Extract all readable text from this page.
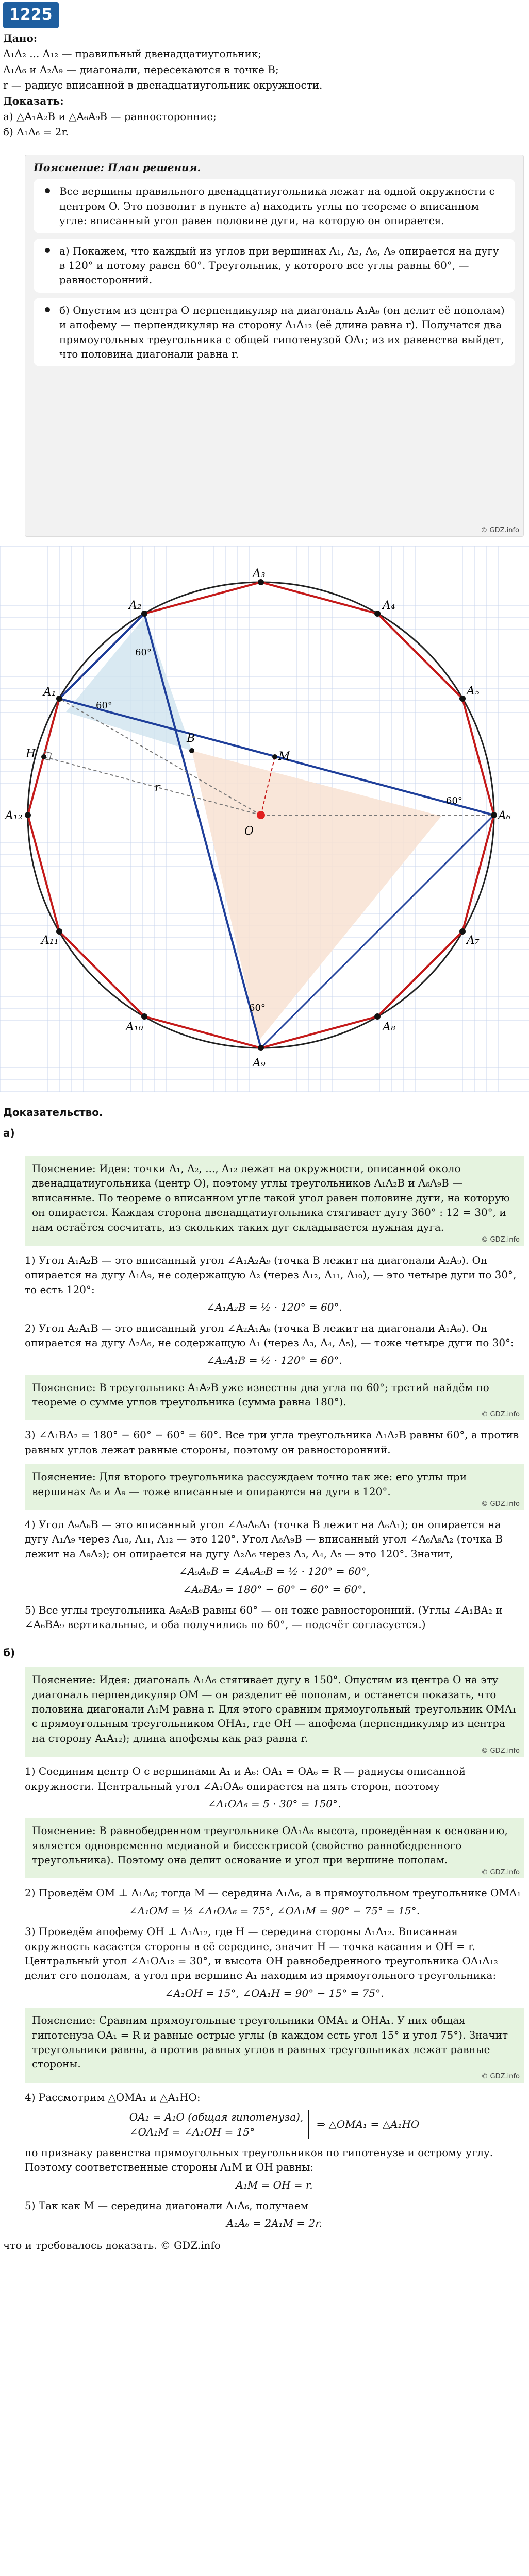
1225

Дано:

A₁A₂ ... A₁₂ — правильный двенадцатиугольник;

A₁A₆ и A₂A₉ — диагонали, пересекаются в точке B;

r — радиус вписанной в двенадцатиугольник окружности.

Доказать:

а) △A₁A₂B и △A₆A₉B — равносторонние;

б) A₁A₆ = 2r.

Пояснение: План решения.
Все вершины правильного двенадцатиугольника лежат на одной окружности с центром O. Это позволит в пункте а) находить углы по теореме о вписанном угле: вписанный угол равен половине дуги, на которую он опирается.
а) Покажем, что каждый из углов при вершинах A₁, A₂, A₆, A₉ опирается на дугу в 120° и потому равен 60°. Треугольник, у которого все углы равны 60°, — равносторонний.
б) Опустим из центра O перпендикуляр на диагональ A₁A₆ (он делит её пополам) и апофему — перпендикуляр на сторону A₁A₁₂ (её длина равна r). Получатся два прямоугольных треугольника с общей гипотенузой OA₁; из их равенства выйдет, что половина диагонали равна r.
© GDZ.info
A₃
A₄
A₅
A₆
A₇
A₈
A₉
A₁₀
A₁₁
A₁₂
A₁
A₂
B
M
O
H
r
60°
60°
60°
60°
Доказательство.
а)
Пояснение: Идея: точки A₁, A₂, ..., A₁₂ лежат на окружности, описанной около двенадцатиугольника (центр O), поэтому углы треугольников A₁A₂B и A₆A₉B — вписанные. По теореме о вписанном угле такой угол равен половине дуги, на которую он опирается. Каждая сторона двенадцатиугольника стягивает дугу 360° : 12 = 30°, и нам остаётся сосчитать, из скольких таких дуг складывается нужная дуга.
© GDZ.info
1) Угол A₁A₂B — это вписанный угол ∠A₁A₂A₉ (точка B лежит на диагонали A₂A₉). Он опирается на дугу A₁A₉, не содержащую A₂ (через A₁₂, A₁₁, A₁₀), — это четыре дуги по 30°, то есть 120°:
∠A₁A₂B = ½ · 120° = 60°.
2) Угол A₂A₁B — это вписанный угол ∠A₂A₁A₆ (точка B лежит на диагонали A₁A₆). Он опирается на дугу A₂A₆, не содержащую A₁ (через A₃, A₄, A₅), — тоже четыре дуги по 30°:
∠A₂A₁B = ½ · 120° = 60°.
Пояснение: В треугольнике A₁A₂B уже известны два угла по 60°; третий найдём по теореме о сумме углов треугольника (сумма равна 180°).
© GDZ.info
3) ∠A₁BA₂ = 180° − 60° − 60° = 60°. Все три угла треугольника A₁A₂B равны 60°, а против равных углов лежат равные стороны, поэтому он равносторонний.
Пояснение: Для второго треугольника рассуждаем точно так же: его углы при вершинах A₆ и A₉ — тоже вписанные и опираются на дуги в 120°.
© GDZ.info
4) Угол A₉A₆B — это вписанный угол ∠A₉A₆A₁ (точка B лежит на A₆A₁); он опирается на дугу A₁A₉ через A₁₀, A₁₁, A₁₂ — это 120°. Угол A₆A₉B — вписанный угол ∠A₆A₉A₂ (точка B лежит на A₉A₂); он опирается на дугу A₂A₆ через A₃, A₄, A₅ — это 120°. Значит,
∠A₉A₆B = ∠A₆A₉B = ½ · 120° = 60°,
∠A₆BA₉ = 180° − 60° − 60° = 60°.
5) Все углы треугольника A₆A₉B равны 60° — он тоже равносторонний. (Углы ∠A₁BA₂ и ∠A₆BA₉ вертикальные, и оба получились по 60°, — подсчёт согласуется.)
б)
Пояснение: Идея: диагональ A₁A₆ стягивает дугу в 150°. Опустим из центра O на эту диагональ перпендикуляр OM — он разделит её пополам, и останется показать, что половина диагонали A₁M равна r. Для этого сравним прямоугольный треугольник OMA₁ с прямоугольным треугольником OHA₁, где OH — апофема (перпендикуляр из центра на сторону A₁A₁₂); длина апофемы как раз равна r.
© GDZ.info
1) Соединим центр O с вершинами A₁ и A₆: OA₁ = OA₆ = R — радиусы описанной окружности. Центральный угол ∠A₁OA₆ опирается на пять сторон, поэтому
∠A₁OA₆ = 5 · 30° = 150°.
Пояснение: В равнобедренном треугольнике OA₁A₆ высота, проведённая к основанию, является одновременно медианой и биссектрисой (свойство равнобедренного треугольника). Поэтому она делит основание и угол при вершине пополам.
© GDZ.info
2) Проведём OM ⊥ A₁A₆; тогда M — середина A₁A₆, а в прямоугольном треугольнике OMA₁
∠A₁OM = ½ ∠A₁OA₆ = 75°, ∠OA₁M = 90° − 75° = 15°.
3) Проведём апофему OH ⊥ A₁A₁₂, где H — середина стороны A₁A₁₂. Вписанная окружность касается стороны в её середине, значит H — точка касания и OH = r. Центральный угол ∠A₁OA₁₂ = 30°, и высота OH равнобедренного треугольника OA₁A₁₂ делит его пополам, а угол при вершине A₁ находим из прямоугольного треугольника:
∠A₁OH = 15°, ∠OA₁H = 90° − 15° = 75°.
Пояснение: Сравним прямоугольные треугольники OMA₁ и OHA₁. У них общая гипотенуза OA₁ = R и равные острые углы (в каждом есть угол 15° и угол 75°). Значит треугольники равны, а против равных углов в равных треугольниках лежат равные стороны.
© GDZ.info
4) Рассмотрим △OMA₁ и △A₁HO:
OA₁ = A₁O (общая гипотенуза),
∠OA₁M = ∠A₁OH = 15°
⇒ △OMA₁ = △A₁HO
по признаку равенства прямоугольных треугольников по гипотенузе и острому углу. Поэтому соответственные стороны A₁M и OH равны:
A₁M = OH = r.
5) Так как M — середина диагонали A₁A₆, получаем
A₁A₆ = 2A₁M = 2r.
что и требовалось доказать. © GDZ.info
